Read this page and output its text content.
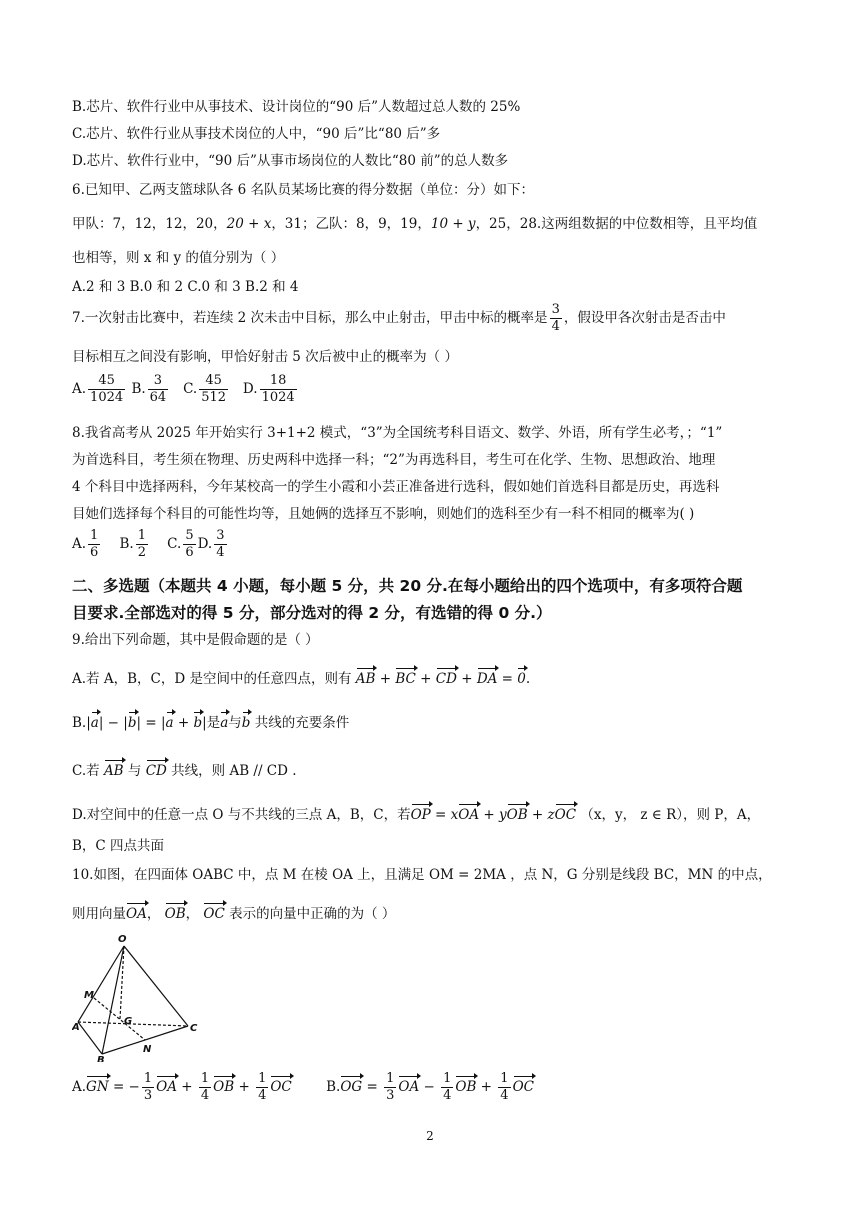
B.芯片、软件行业中从事技术、设计岗位的“90 后”人数超过总人数的 25%
C.芯片、软件行业从事技术岗位的人中，“90 后”比“80 后”多
D.芯片、软件行业中，“90 后”从事市场岗位的人数比“80 前”的总人数多
6.已知甲、乙两支篮球队各 6 名队员某场比赛的得分数据（单位：分）如下：
甲队：7，12，12，20，20 + x，31；乙队：8，9，19，10 + y，25，28.这两组数据的中位数相等，且平均值
也相等，则 x 和 y 的值分别为（ ）
A.2 和 3 B.0 和 2 C.0 和 3 B.2 和 4
7.一次射击比赛中，若连续 2 次未击中目标，那么中止射击，甲击中标的概率是 $\frac{3}{4}$ ，假设甲各次射击是否击中
目标相互之间没有影响，甲恰好射击 5 次后被中止的概率为（ ）
A. $\frac{45}{1024} B$. $\frac{3}{64} C$. $\frac{45}{512} D$. $\frac{18}{1024}$
8.我省高考从 2025 年开始实行 3+1+2 模式，“3”为全国统考科目语文、数学、外语，所有学生必考，；“1”
为首选科目，考生须在物理、历史两科中选择一科；“2”为再选科目，考生可在化学、生物、思想政治、地理
4 个科目中选择两科，今年某校高一的学生小霞和小芸正准备进行选科，假如她们首选科目都是历史，再选科
目她们选择每个科目的可能性均等，且她俩的选择互不影响，则她们的选科至少有一科不相同的概率为( )
A. $\frac{1}{6} B$. $\frac{1}{2} C$. $\frac{5}{6} D$. $\frac{3}{4}$
二、多选题（本题共 4 小题，每小题 5 分，共 20 分.在每小题给出的四个选项中，有多项符合题
目要求.全部选对的得 5 分，部分选对的得 2 分，有选错的得 0 分.）
9.给出下列命题，其中是假命题的是（ ）
A.若 A，B，C，D 是空间中的任意四点，则有 AB + BC + CD + DA = 0.
B.|a| − |b| = |a + b|是a与b 共线的充要条件
C.若 AB 与 CD 共线，则 AB // CD .
D.对空间中的任意一点 O 与不共线的三点 A，B，C，若OP = xOA + yOB + zOC （x，y， z ∈ R），则 P，A，
B，C 四点共面
10.如图，在四面体 OABC 中，点 M 在棱 OA 上，且满足 OM = 2MA ，点 N，G 分别是线段 BC，MN 的中点，
则用向量OA， OB， OC 表示的向量中正确的为（ ）
O
M
A
G
C
N
B
A.GN = − $\frac{1}{3}$ OA + $\frac{1}{4}$ OB + $\frac{1}{4}$ OC	$B.OG = \frac{1}{3}$ OA − $\frac{1}{4}$ OB + $\frac{1}{4}$ OC
2
